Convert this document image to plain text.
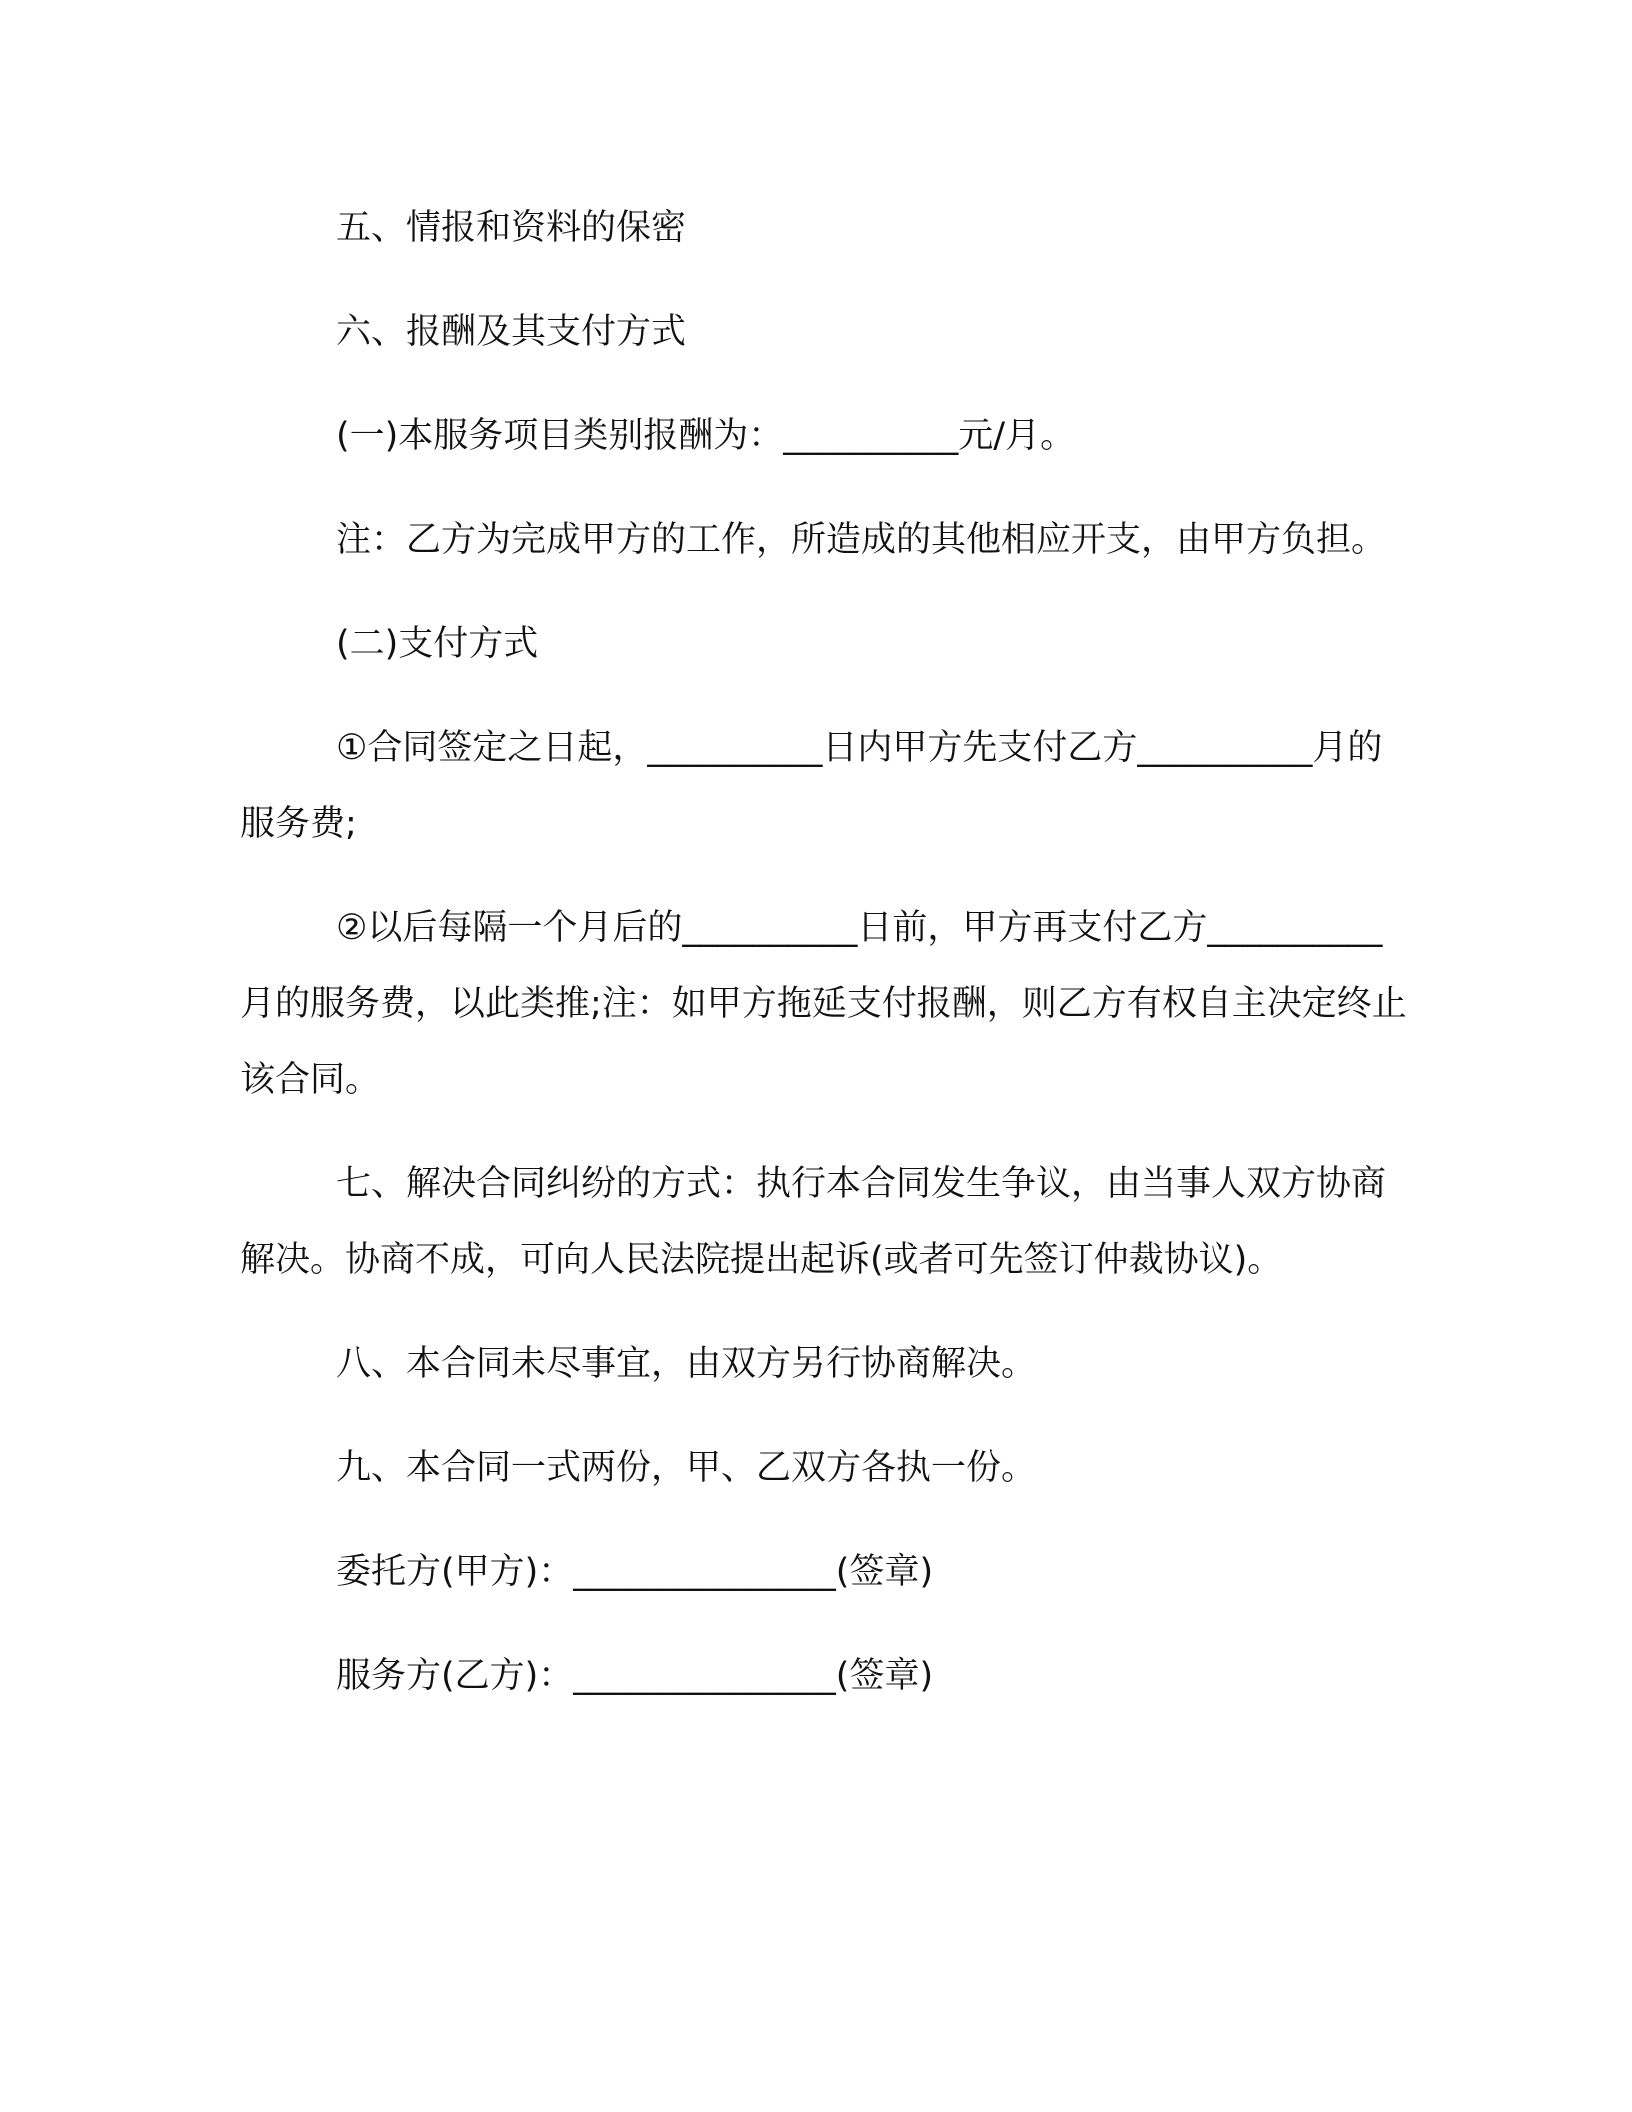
五、情报和资料的保密

六、报酬及其支付方式

(一)本服务项目类别报酬为：__________元/月。

注：乙方为完成甲方的工作，所造成的其他相应开支，由甲方负担。

(二)支付方式

①合同签定之日起，__________日内甲方先支付乙方__________月的服务费;

②以后每隔一个月后的__________日前，甲方再支付乙方__________月的服务费，以此类推;注：如甲方拖延支付报酬，则乙方有权自主决定终止该合同。

七、解决合同纠纷的方式：执行本合同发生争议，由当事人双方协商解决。协商不成，可向人民法院提出起诉(或者可先签订仲裁协议)。

八、本合同未尽事宜，由双方另行协商解决。

九、本合同一式两份，甲、乙双方各执一份。

委托方(甲方)：_______________(签章)

服务方(乙方)：_______________(签章)
